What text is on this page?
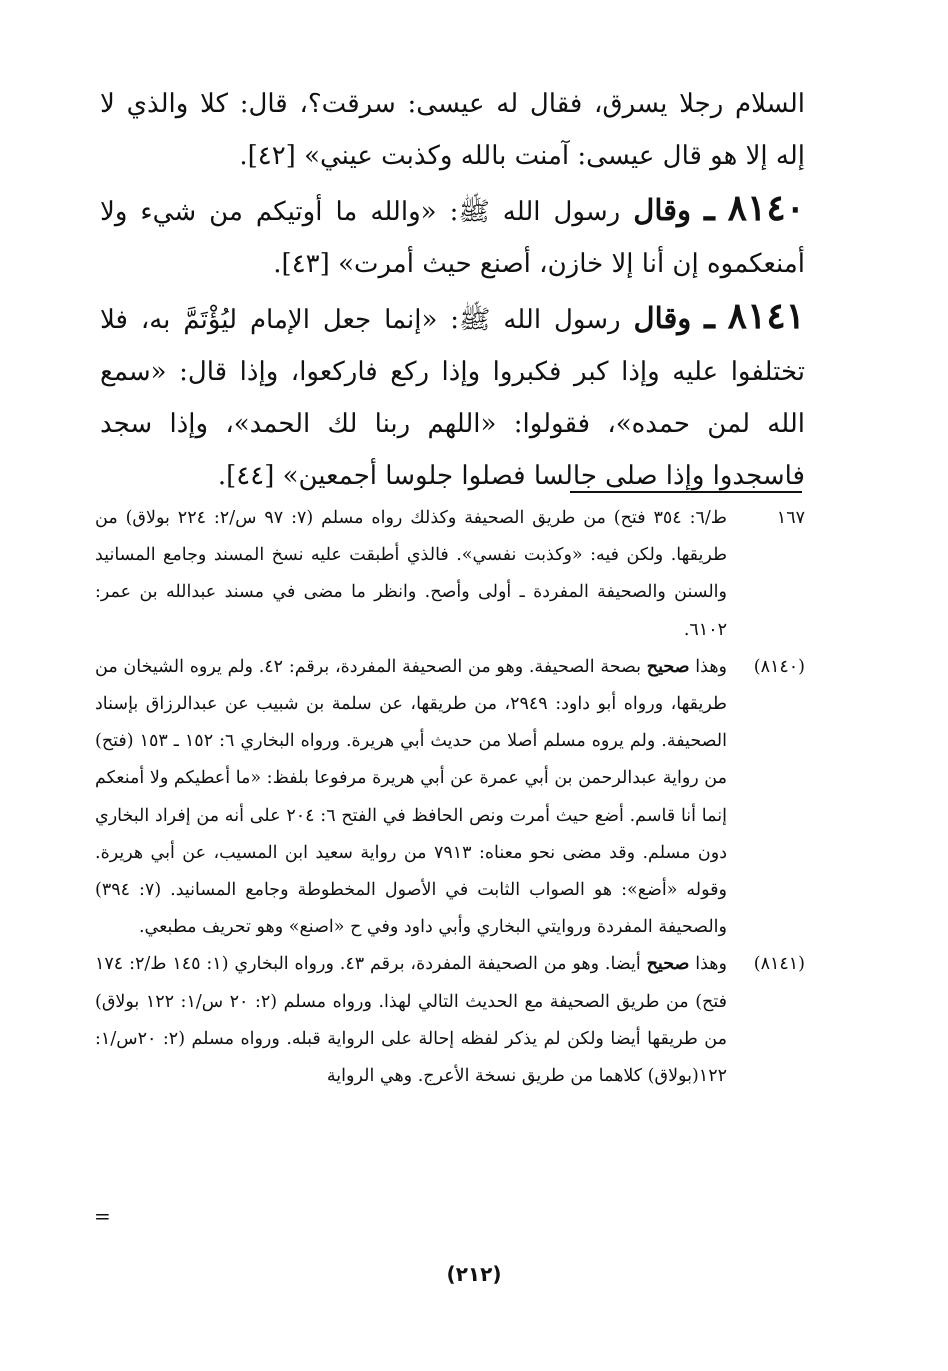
السلام رجلا يسرق، فقال له عيسى: سرقت؟، قال: كلا والذي لا إله إلا هو قال عيسى: آمنت بالله وكذبت عيني» [٤٢].

٨١٤٠ ـ وقال رسول الله ﷺ: «والله ما أوتيكم من شيء ولا أمنعكموه إن أنا إلا خازن، أصنع حيث أمرت» [٤٣].

٨١٤١ ـ وقال رسول الله ﷺ: «إنما جعل الإمام ليُؤْتَمَّ به، فلا تختلفوا عليه وإذا كبر فكبروا وإذا ركع فاركعوا، وإذا قال: «سمع الله لمن حمده»، فقولوا: «اللهم ربنا لك الحمد»، وإذا سجد فاسجدوا وإذا صلى جالسا فصلوا جلوسا أجمعين» [٤٤].

١٦٧
ط/٦: ٣٥٤ فتح) من طريق الصحيفة وكذلك رواه مسلم (٧: ٩٧ س/٢: ٢٢٤ بولاق) من طريقها. ولكن فيه: «وكذبت نفسي». فالذي أطبقت عليه نسخ المسند وجامع المسانيد والسنن والصحيفة المفردة ـ أولى وأصح. وانظر ما مضى في مسند عبدالله بن عمر: ٦١٠٢.

(٨١٤٠)
وهذا صحيح بصحة الصحيفة. وهو من الصحيفة المفردة، برقم: ٤٢. ولم يروه الشيخان من طريقها، ورواه أبو داود: ٢٩٤٩، من طريقها، عن سلمة بن شبيب عن عبدالرزاق بإسناد الصحيفة. ولم يروه مسلم أصلا من حديث أبي هريرة. ورواه البخاري ٦: ١٥٢ ـ ١٥٣ (فتح) من رواية عبدالرحمن بن أبي عمرة عن أبي هريرة مرفوعا بلفظ: «ما أعطيكم ولا أمنعكم إنما أنا قاسم. أضع حيث أمرت ونص الحافظ في الفتح ٦: ٢٠٤ على أنه من إفراد البخاري دون مسلم. وقد مضى نحو معناه: ٧٩١٣ من رواية سعيد ابن المسيب، عن أبي هريرة. وقوله «أضع»: هو الصواب الثابت في الأصول المخطوطة وجامع المسانيد. (٧: ٣٩٤) والصحيفة المفردة وروايتي البخاري وأبي داود وفي ح «اصنع» وهو تحريف مطبعي.

(٨١٤١)
وهذا صحيح أيضا. وهو من الصحيفة المفردة، برقم ٤٣. ورواه البخاري (١: ١٤٥ ط/٢: ١٧٤ فتح) من طريق الصحيفة مع الحديث التالي لهذا. ورواه مسلم (٢: ٢٠ س/١: ١٢٢ بولاق) من طريقها أيضا ولكن لم يذكر لفظه إحالة على الرواية قبله. ورواه مسلم (٢: ٢٠س/١: ١٢٢(بولاق) كلاهما من طريق نسخة الأعرج. وهي الرواية

=
(٢١٢)
